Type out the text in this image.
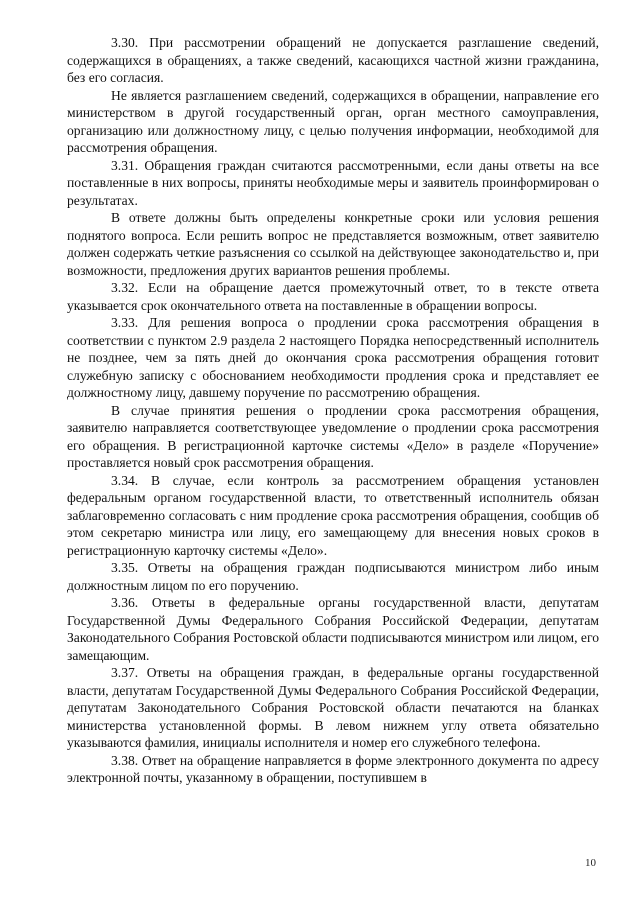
3.30. При рассмотрении обращений не допускается разглашение сведений, содержащихся в обращениях, а также сведений, касающихся частной жизни гражданина, без его согласия.

Не является разглашением сведений, содержащихся в обращении, направление его министерством в другой государственный орган, орган местного самоуправления, организацию или должностному лицу, с целью получения информации, необходимой для рассмотрения обращения.

3.31. Обращения граждан считаются рассмотренными, если даны ответы на все поставленные в них вопросы, приняты необходимые меры и заявитель проинформирован о результатах.

В ответе должны быть определены конкретные сроки или условия решения поднятого вопроса. Если решить вопрос не представляется возможным, ответ заявителю должен содержать четкие разъяснения со ссылкой на действующее законодательство и, при возможности, предложения других вариантов решения проблемы.

3.32. Если на обращение дается промежуточный ответ, то в тексте ответа указывается срок окончательного ответа на поставленные в обращении вопросы.

3.33. Для решения вопроса о продлении срока рассмотрения обращения в соответствии с пунктом 2.9 раздела 2 настоящего Порядка непосредственный исполнитель не позднее, чем за пять дней до окончания срока рассмотрения обращения готовит служебную записку с обоснованием необходимости продления срока и представляет ее должностному лицу, давшему поручение по рассмотрению обращения.

В случае принятия решения о продлении срока рассмотрения обращения, заявителю направляется соответствующее уведомление о продлении срока рассмотрения его обращения. В регистрационной карточке системы «Дело» в разделе «Поручение» проставляется новый срок рассмотрения обращения.

3.34. В случае, если контроль за рассмотрением обращения установлен федеральным органом государственной власти, то ответственный исполнитель обязан заблаговременно согласовать с ним продление срока рассмотрения обращения, сообщив об этом секретарю министра или лицу, его замещающему для внесения новых сроков в регистрационную карточку системы «Дело».

3.35. Ответы на обращения граждан подписываются министром либо иным должностным лицом по его поручению.

3.36. Ответы в федеральные органы государственной власти, депутатам Государственной Думы Федерального Собрания Российской Федерации, депутатам Законодательного Собрания Ростовской области подписываются министром или лицом, его замещающим.

3.37. Ответы на обращения граждан, в федеральные органы государственной власти, депутатам Государственной Думы Федерального Собрания Российской Федерации, депутатам Законодательного Собрания Ростовской области печатаются на бланках министерства установленной формы. В левом нижнем углу ответа обязательно указываются фамилия, инициалы исполнителя и номер его служебного телефона.

3.38. Ответ на обращение направляется в форме электронного документа по адресу электронной почты, указанному в обращении, поступившем в

10
